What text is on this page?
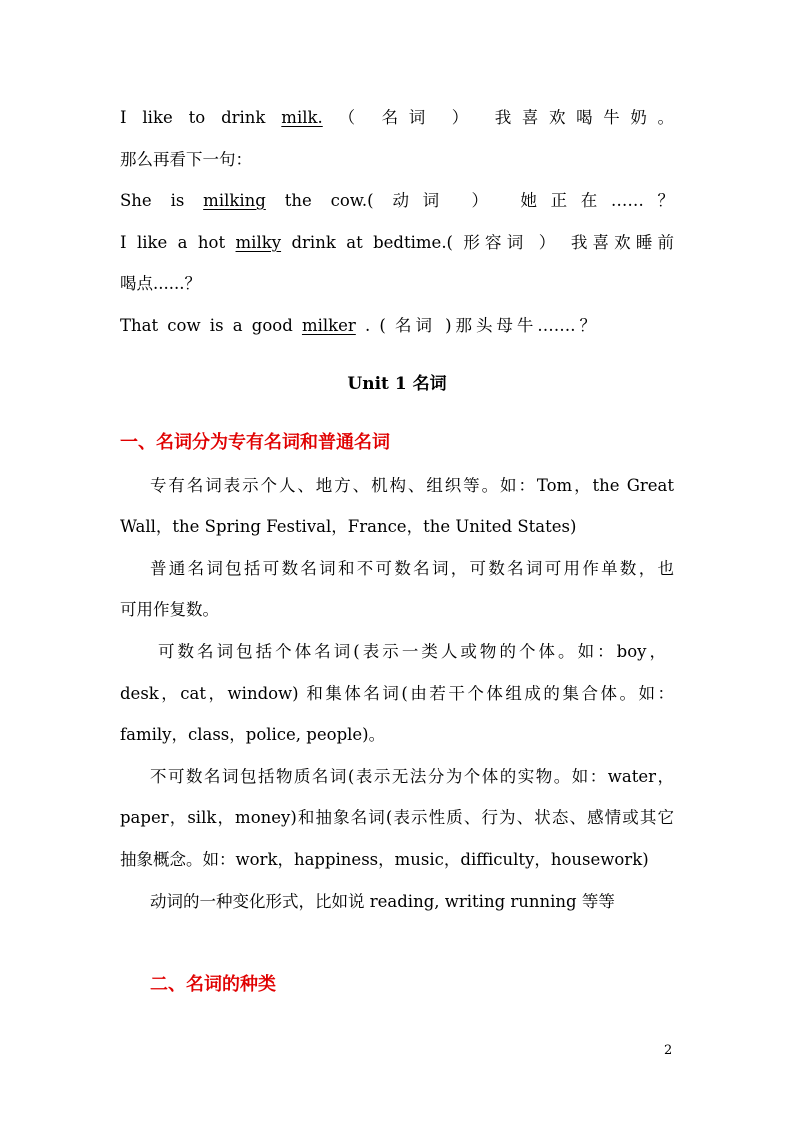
I like to drink milk. （ 名词 ） 我喜欢喝牛奶。

那么再看下一句：

She is milking the cow.( 动词 ） 她正在……？

I like a hot milky drink at bedtime.( 形容词 ） 我喜欢睡前

喝点......？

That cow is a good milker . ( 名词 )那头母牛…….？

Unit 1 名词
一、名词分为专有名词和普通名词

专有名词表示个人、地方、机构、组织等。如：Tom，the Great

Wall，the Spring Festival，France，the United States)

普通名词包括可数名词和不可数名词，可数名词可用作单数，也

可用作复数。

可数名词包括个体名词(表示一类人或物的个体。如：boy，

desk，cat，window) 和集体名词(由若干个体组成的集合体。如：

family，class，police, people)。

不可数名词包括物质名词(表示无法分为个体的实物。如：water，

paper，silk，money)和抽象名词(表示性质、行为、状态、感情或其它

抽象概念。如：work，happiness，music，difficulty，housework)

动词的一种变化形式，比如说 reading, writing running 等等

二、名词的种类
2
